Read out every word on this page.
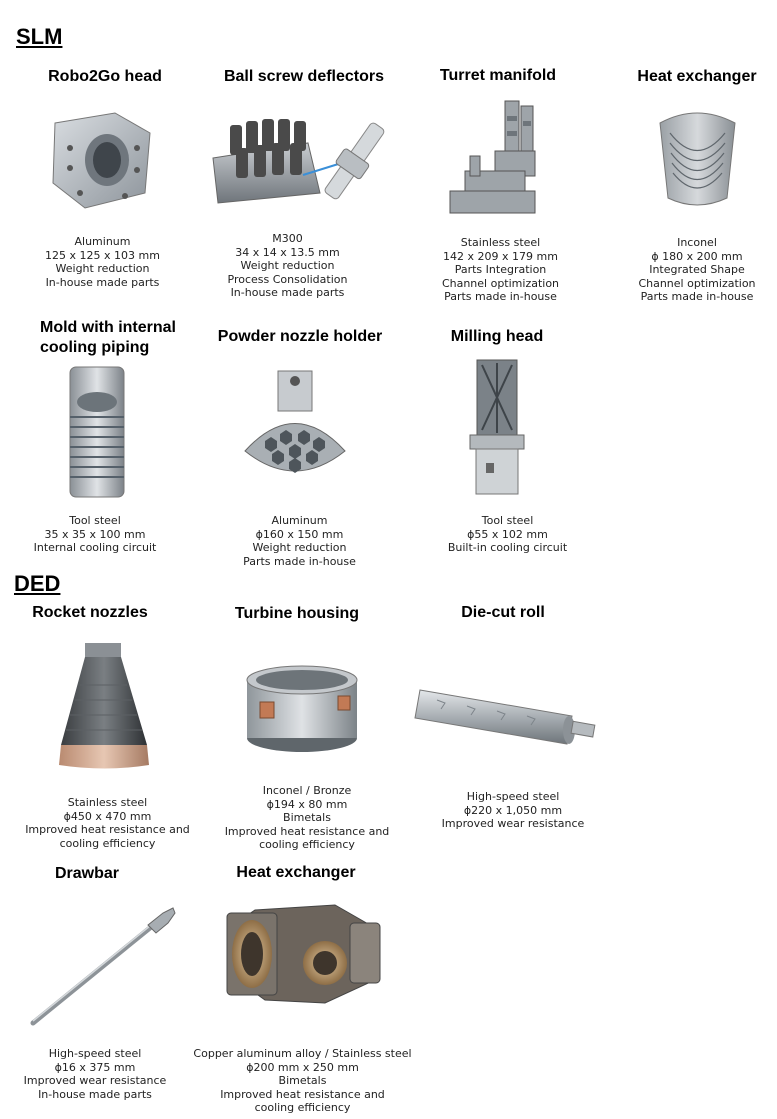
SLM
DED
Robo2Go head
Aluminum
125 x 125 x 103 mm
Weight reduction
In-house made parts
Ball screw deflectors
M300
34 x 14 x 13.5 mm
Weight reduction
Process Consolidation
In-house made parts
Turret manifold
Stainless steel
142 x 209 x 179 mm
Parts Integration
Channel optimization
Parts made in-house
Heat exchanger
Inconel
ϕ 180 x 200 mm
Integrated Shape
Channel optimization
Parts made in-house
Mold with internal
cooling piping
Tool steel
35 x 35 x 100 mm
Internal cooling circuit
Powder nozzle holder
Aluminum
ϕ160 x 150 mm
Weight reduction
Parts made in-house
Milling head
Tool steel
ϕ55 x 102 mm
Built-in cooling circuit
Rocket nozzles
Stainless steel
ϕ450 x 470 mm
Improved heat resistance and
cooling efficiency
Turbine housing
Inconel / Bronze
ϕ194 x 80 mm
Bimetals
Improved heat resistance and
cooling efficiency
Die-cut roll
High-speed steel
ϕ220 x 1,050 mm
Improved wear resistance
Drawbar
High-speed steel
ϕ16 x 375 mm
Improved wear resistance
In-house made parts
Heat exchanger
Copper aluminum alloy / Stainless steel
ϕ200 mm x 250 mm
Bimetals
Improved heat resistance and
cooling efficiency
